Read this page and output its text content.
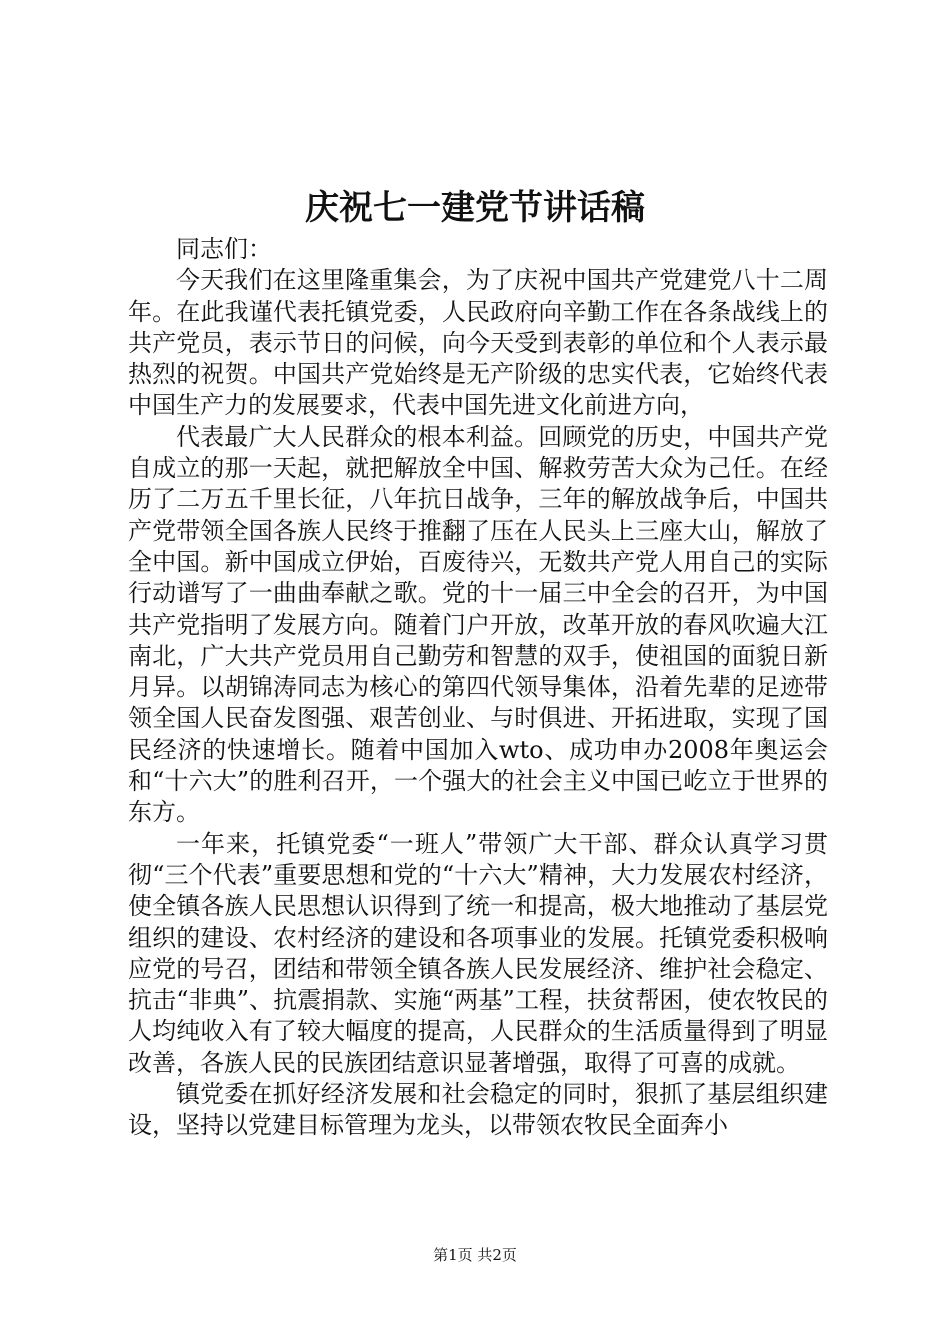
庆祝七一建党节讲话稿

同志们：

今天我们在这里隆重集会，为了庆祝中国共产党建党八十二周年。在此我谨代表托镇党委，人民政府向辛勤工作在各条战线上的共产党员，表示节日的问候，向今天受到表彰的单位和个人表示最热烈的祝贺。中国共产党始终是无产阶级的忠实代表，它始终代表中国生产力的发展要求，代表中国先进文化前进方向，

代表最广大人民群众的根本利益。回顾党的历史，中国共产党自成立的那一天起，就把解放全中国、解救劳苦大众为己任。在经历了二万五千里长征，八年抗日战争，三年的解放战争后，中国共产党带领全国各族人民终于推翻了压在人民头上三座大山，解放了全中国。新中国成立伊始，百废待兴，无数共产党人用自己的实际行动谱写了一曲曲奉献之歌。党的十一届三中全会的召开，为中国共产党指明了发展方向。随着门户开放，改革开放的春风吹遍大江南北，广大共产党员用自己勤劳和智慧的双手，使祖国的面貌日新月异。以胡锦涛同志为核心的第四代领导集体，沿着先辈的足迹带领全国人民奋发图强、艰苦创业、与时俱进、开拓进取，实现了国民经济的快速增长。随着中国加入wto、成功申办2008年奥运会和“十六大”的胜利召开，一个强大的社会主义中国已屹立于世界的东方。

一年来，托镇党委“一班人”带领广大干部、群众认真学习贯彻“三个代表”重要思想和党的“十六大”精神，大力发展农村经济，使全镇各族人民思想认识得到了统一和提高，极大地推动了基层党组织的建设、农村经济的建设和各项事业的发展。托镇党委积极响应党的号召，团结和带领全镇各族人民发展经济、维护社会稳定、抗击“非典”、抗震捐款、实施“两基”工程，扶贫帮困，使农牧民的人均纯收入有了较大幅度的提高，人民群众的生活质量得到了明显改善，各族人民的民族团结意识显著增强，取得了可喜的成就。

镇党委在抓好经济发展和社会稳定的同时，狠抓了基层组织建设，坚持以党建目标管理为龙头，以带领农牧民全面奔小

第1页 共2页
